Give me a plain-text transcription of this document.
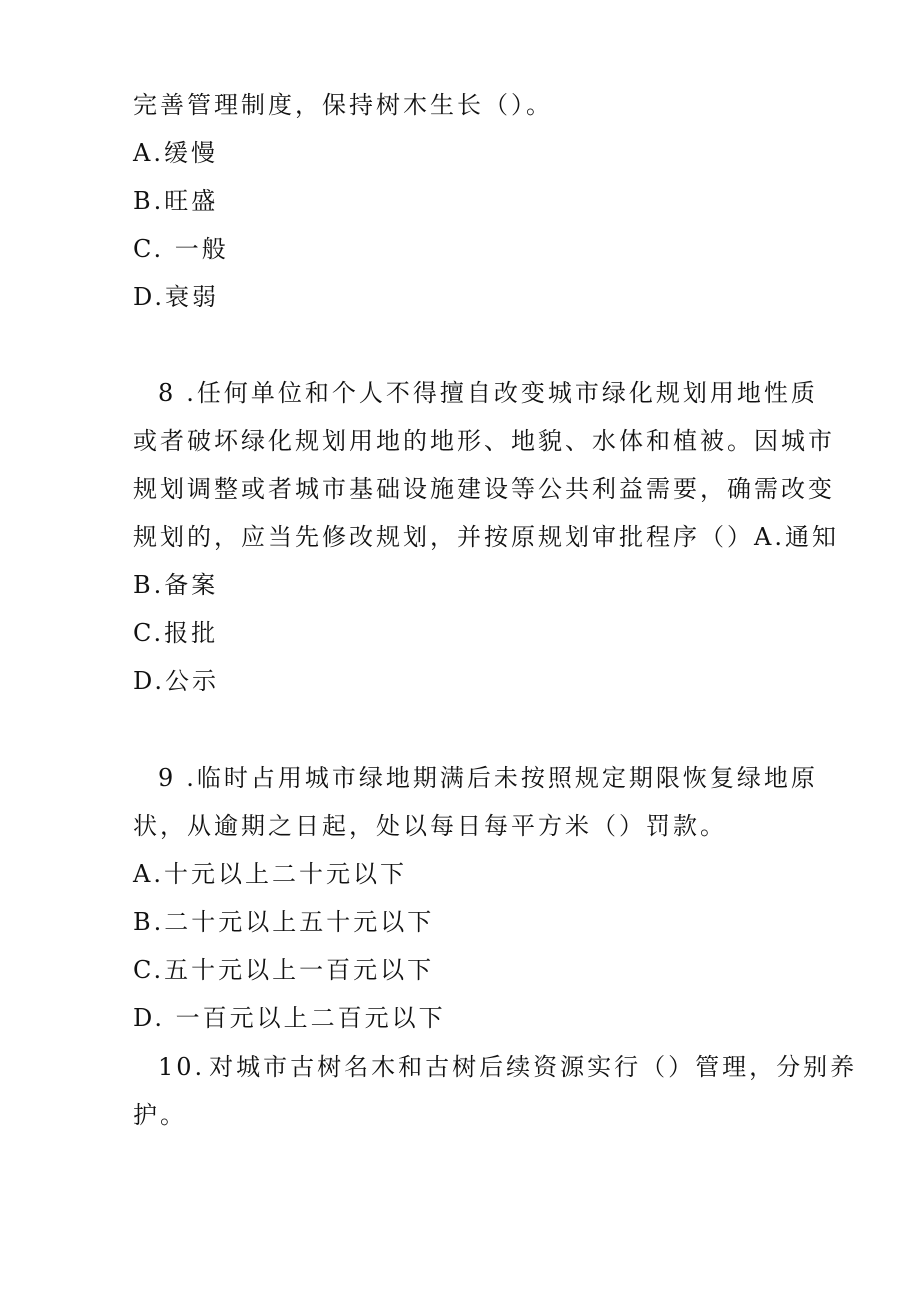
完善管理制度，保持树木生长（）。
A.缓慢
B.旺盛
C. 一般
D.衰弱
8 .任何单位和个人不得擅自改变城市绿化规划用地性质
或者破坏绿化规划用地的地形、地貌、水体和植被。因城市
规划调整或者城市基础设施建设等公共利益需要，确需改变
规划的，应当先修改规划，并按原规划审批程序（）A.通知
B.备案
C.报批
D.公示
9 .临时占用城市绿地期满后未按照规定期限恢复绿地原
状，从逾期之日起，处以每日每平方米（）罚款。
A.十元以上二十元以下
B.二十元以上五十元以下
C.五十元以上一百元以下
D. 一百元以上二百元以下
10. 对城市古树名木和古树后续资源实行（）管理，分别养
护。
